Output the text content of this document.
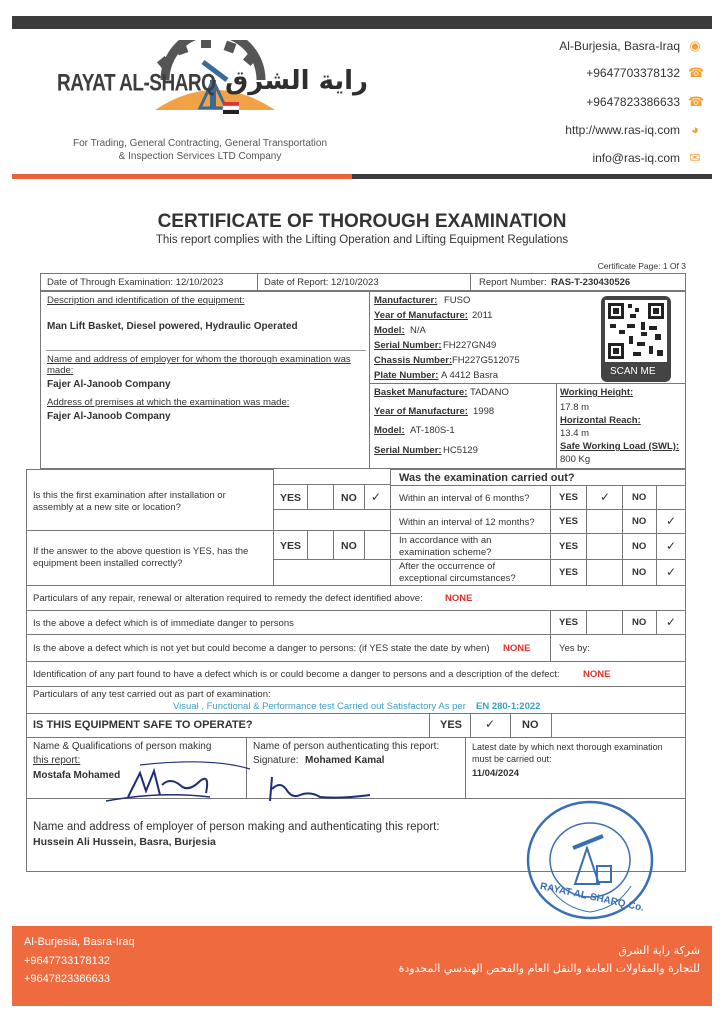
RAYAT AL-SHARQ راية الشرق
For Trading, General Contracting, General Transportation
& Inspection Services LTD Company
Al-Burjesia, Basra-Iraq ◉
+9647703378132 ☎
+9647823386633 ☎
http://www.ras-iq.com ◕
info@ras-iq.com ✉
CERTIFICATE OF THOROUGH EXAMINATION
This report complies with the Lifting Operation and Lifting Equipment Regulations
Certificate Page: 1 Of 3
Date of Through Examination: 12/10/2023	Date of Report: 12/10/2023	Report Number: RAS-T-230430526
Description and identification of the equipment:
Man Lift Basket, Diesel powered, Hydraulic Operated
Name and address of employer for whom the thorough examination was made:
Fajer Al-Janoob Company
Address of premises at which the examination was made:
Fajer Al-Janoob Company
Manufacturer: FUSO
Year of Manufacture: 2011
Model: N/A
Serial Number: FH227GN49
Chassis Number: FH227G512075
Plate Number: A 4412 Basra	SCAN ME
Basket Manufacture: TADANO
Year of Manufacture: 1998
Model: AT-180S-1
Serial Number: HC5129
Working Height:
17.8 m
Horizontal Reach:
13.4 m
Safe Working Load (SWL):
800 Kg
Is this the first examination after installation or assembly at a new site or location?
YES	NO ✓
If the answer to the above question is YES, has the equipment been installed correctly?
YES	NO
Was the examination carried out?
Within an interval of 6 months?	YES ✓ NO
Within an interval of 12 months?	YES	NO ✓
In accordance with an examination scheme?
YES	NO ✓
After the occurrence of exceptional circumstances?
YES	NO ✓
Particulars of any repair, renewal or alteration required to remedy the defect identified above: NONE
Is the above a defect which is of immediate danger to persons	YES	NO ✓
Is the above a defect which is not yet but could become a danger to persons: (if YES state the date by when) NONE	Yes by:
Identification of any part found to have a defect which is or could become a danger to persons and a description of the defect: NONE
Particulars of any test carried out as part of examination:
Visual , Functional & Performance test Carried out Satisfactory As per EN 280-1:2022
IS THIS EQUIPMENT SAFE TO OPERATE?	YES ✓ NO
Name & Qualifications of person making
this report:
Mostafa Mohamed
Name of person authenticating this report:
Signature: Mohamed Kamal
Latest date by which next thorough examination must be carried out:
11/04/2024
Name and address of employer of person making and authenticating this report:
Hussein Ali Hussein, Basra, Burjesia
RAYAT AL-SHARQ Co.
Al-Burjesia, Basra-Iraq
+9647733178132
+9647823386633
شركة راية الشرق
للتجارة والمقاولات العامة والنقل العام والفحص الهندسي المحدودة
